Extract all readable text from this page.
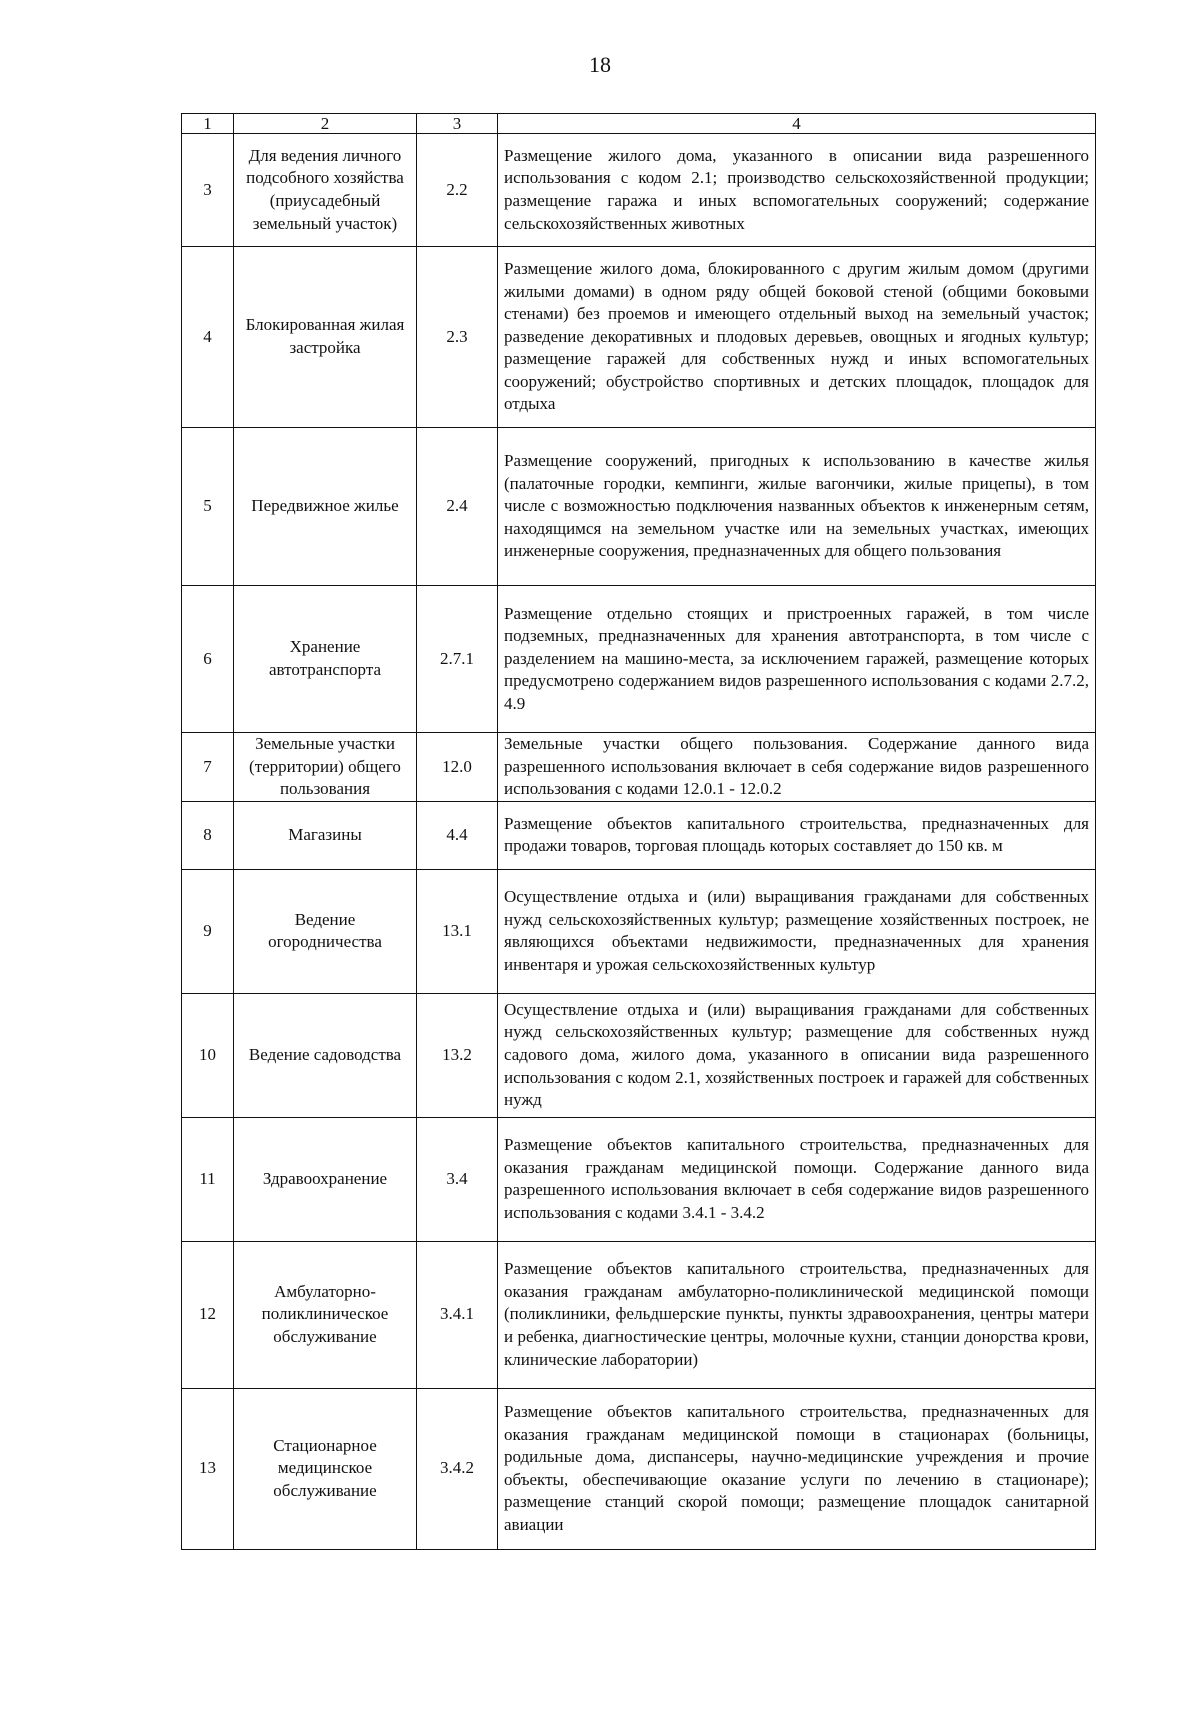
18
1	2	3	4
3	Для ведения личного подсобного хозяйства (приусадебный земельный участок)	2.2	Размещение жилого дома, указанного в описании вида разрешенного использования с кодом 2.1; производство сельскохозяйственной продукции; размещение гаража и иных вспомогательных сооружений; содержание сельскохозяйственных животных
4	Блокированная жилая застройка	2.3	Размещение жилого дома, блокированного с другим жилым домом (другими жилыми домами) в одном ряду общей боковой стеной (общими боковыми стенами) без проемов и имеющего отдельный выход на земельный участок; разведение декоративных и плодовых деревьев, овощных и ягодных культур; размещение гаражей для собственных нужд и иных вспомогательных сооружений; обустройство спортивных и детских площадок, площадок для отдыха
5	Передвижное жилье	2.4	Размещение сооружений, пригодных к использованию в качестве жилья (палаточные городки, кемпинги, жилые вагончики, жилые прицепы), в том числе с возможностью подключения названных объектов к инженерным сетям, находящимся на земельном участке или на земельных участках, имеющих инженерные сооружения, предназначенных для общего пользования
6	Хранение автотранспорта	2.7.1	Размещение отдельно стоящих и пристроенных гаражей, в том числе подземных, предназначенных для хранения автотранспорта, в том числе с разделением на машино-места, за исключением гаражей, размещение которых предусмотрено содержанием видов разрешенного использования с кодами 2.7.2, 4.9
7	Земельные участки (территории) общего пользования	12.0	Земельные участки общего пользования. Содержание данного вида разрешенного использования включает в себя содержание видов разрешенного использования с кодами 12.0.1 - 12.0.2
8	Магазины	4.4	Размещение объектов капитального строительства, предназначенных для продажи товаров, торговая площадь которых составляет до 150 кв. м
9	Ведение огородничества	13.1	Осуществление отдыха и (или) выращивания гражданами для собственных нужд сельскохозяйственных культур; размещение хозяйственных построек, не являющихся объектами недвижимости, предназначенных для хранения инвентаря и урожая сельскохозяйственных культур
10	Ведение садоводства	13.2	Осуществление отдыха и (или) выращивания гражданами для собственных нужд сельскохозяйственных культур; размещение для собственных нужд садового дома, жилого дома, указанного в описании вида разрешенного использования с кодом 2.1, хозяйственных построек и гаражей для собственных нужд
11	Здравоохранение	3.4	Размещение объектов капитального строительства, предназначенных для оказания гражданам медицинской помощи. Содержание данного вида разрешенного использования включает в себя содержание видов разрешенного использования с кодами 3.4.1 - 3.4.2
12	Амбулаторно-поликлиническое обслуживание	3.4.1	Размещение объектов капитального строительства, предназначенных для оказания гражданам амбулаторно-поликлинической медицинской помощи (поликлиники, фельдшерские пункты, пункты здравоохранения, центры матери и ребенка, диагностические центры, молочные кухни, станции донорства крови, клинические лаборатории)
13	Стационарное медицинское обслуживание	3.4.2	Размещение объектов капитального строительства, предназначенных для оказания гражданам медицинской помощи в стационарах (больницы, родильные дома, диспансеры, научно-медицинские учреждения и прочие объекты, обеспечивающие оказание услуги по лечению в стационаре); размещение станций скорой помощи; размещение площадок санитарной авиации
